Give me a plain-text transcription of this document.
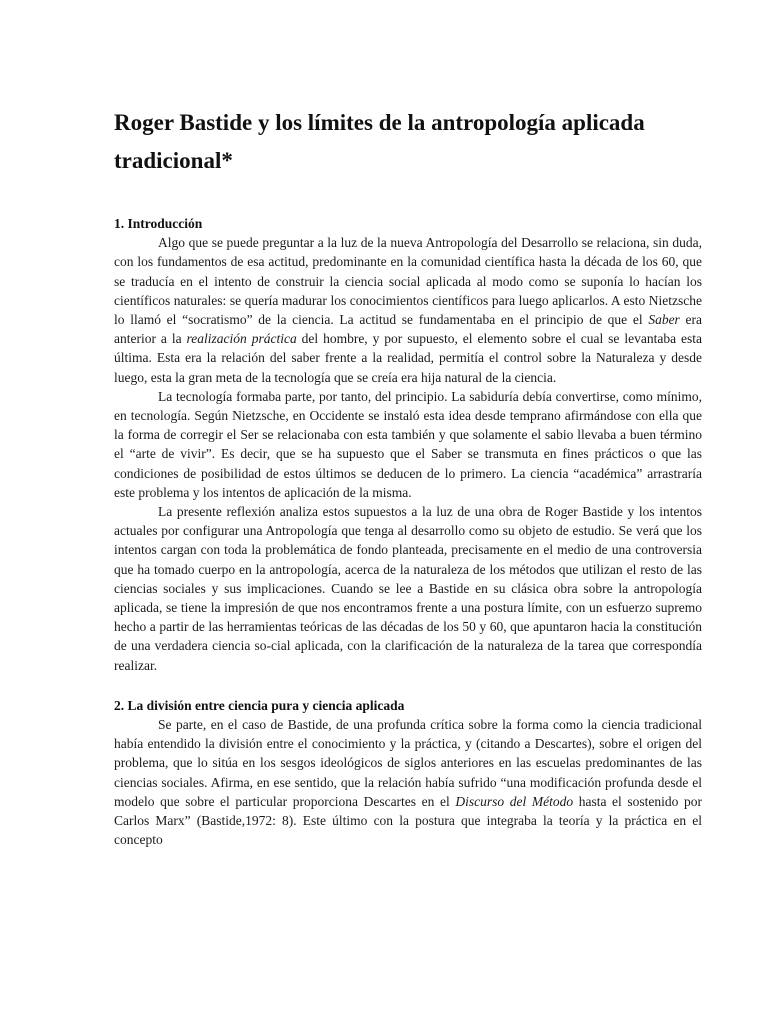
Roger Bastide y los límites de la antropología aplicada tradicional*
1. Introducción

Algo que se puede preguntar a la luz de la nueva Antropología del Desarrollo se relaciona, sin duda, con los fundamentos de esa actitud, predominante en la comunidad científica hasta la década de los 60, que se traducía en el intento de construir la ciencia social aplicada al modo como se suponía lo hacían los científicos naturales: se quería madurar los conocimientos científicos para luego aplicarlos. A esto Nietzsche lo llamó el “socratismo” de la ciencia. La actitud se fundamentaba en el principio de que el Saber era anterior a la realización práctica del hombre, y por supuesto, el elemento sobre el cual se levantaba esta última. Esta era la relación del saber frente a la realidad, permitía el control sobre la Naturaleza y desde luego, esta la gran meta de la tecnología que se creía era hija natural de la ciencia.

La tecnología formaba parte, por tanto, del principio. La sabiduría debía convertirse, como mínimo, en tecnología. Según Nietzsche, en Occidente se instaló esta idea desde temprano afirmándose con ella que la forma de corregir el Ser se relacionaba con esta también y que solamente el sabio llevaba a buen término el “arte de vivir”. Es decir, que se ha supuesto que el Saber se transmuta en fines prácticos o que las condiciones de posibilidad de estos últimos se deducen de lo primero. La ciencia “académica” arrastraría este problema y los intentos de aplicación de la misma.

La presente reflexión analiza estos supuestos a la luz de una obra de Roger Bastide y los intentos actuales por configurar una Antropología que tenga al desarrollo como su objeto de estudio. Se verá que los intentos cargan con toda la problemática de fondo planteada, precisamente en el medio de una controversia que ha tomado cuerpo en la antropología, acerca de la naturaleza de los métodos que utilizan el resto de las ciencias sociales y sus implicaciones. Cuando se lee a Bastide en su clásica obra sobre la antropología aplicada, se tiene la impresión de que nos encontramos frente a una postura límite, con un esfuerzo supremo hecho a partir de las herramientas teóricas de las décadas de los 50 y 60, que apuntaron hacia la constitución de una verdadera ciencia so-cial aplicada, con la clarificación de la naturaleza de la tarea que correspondía realizar.

2. La división entre ciencia pura y ciencia aplicada

Se parte, en el caso de Bastide, de una profunda crítica sobre la forma como la ciencia tradicional había entendido la división entre el conocimiento y la práctica, y (citando a Descartes), sobre el origen del problema, que lo sitúa en los sesgos ideológicos de siglos anteriores en las escuelas predominantes de las ciencias sociales. Afirma, en ese sentido, que la relación había sufrido “una modificación profunda desde el modelo que sobre el particular proporciona Descartes en el Discurso del Método hasta el sostenido por Carlos Marx” (Bastide,1972: 8). Este último con la postura que integraba la teoría y la práctica en el concepto
